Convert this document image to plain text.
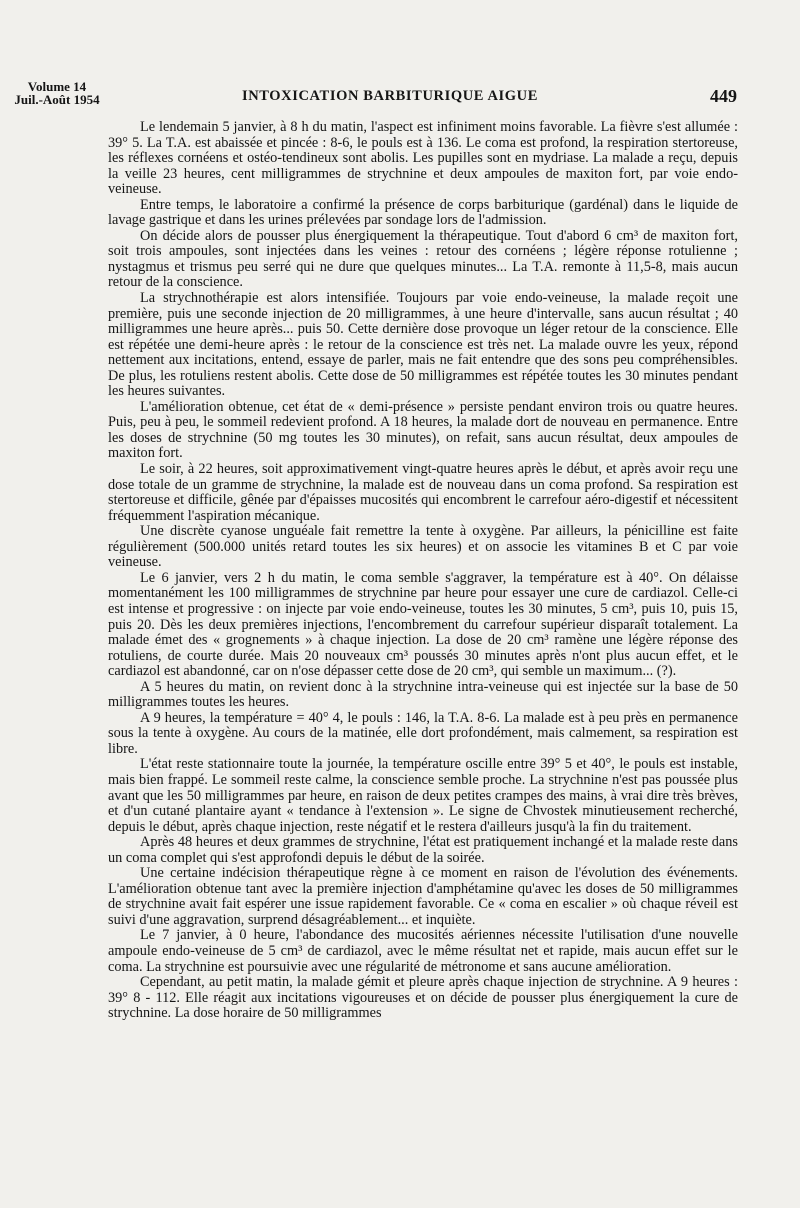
Volume 14
Juil.-Août 1954	INTOXICATION BARBITURIQUE AIGUE	449

Le lendemain 5 janvier, à 8 h du matin, l'aspect est infiniment moins favorable. La fièvre s'est allumée : 39° 5. La T.A. est abaissée et pincée : 8-6, le pouls est à 136. Le coma est profond, la respiration stertoreuse, les réflexes cornéens et ostéo-tendineux sont abolis. Les pupilles sont en mydriase. La malade a reçu, depuis la veille 23 heures, cent milligrammes de strychnine et deux ampoules de maxiton fort, par voie endo-veineuse.

Entre temps, le laboratoire a confirmé la présence de corps barbiturique (gardénal) dans le liquide de lavage gastrique et dans les urines prélevées par sondage lors de l'admission.

On décide alors de pousser plus énergiquement la thérapeutique. Tout d'abord 6 cm³ de maxiton fort, soit trois ampoules, sont injectées dans les veines : retour des cornéens ; légère réponse rotulienne ; nystagmus et trismus peu serré qui ne dure que quelques minutes... La T.A. remonte à 11,5-8, mais aucun retour de la conscience.

La strychnothérapie est alors intensifiée. Toujours par voie endo-veineuse, la malade reçoit une première, puis une seconde injection de 20 milligrammes, à une heure d'intervalle, sans aucun résultat ; 40 milligrammes une heure après... puis 50. Cette dernière dose provoque un léger retour de la conscience. Elle est répétée une demi-heure après : le retour de la conscience est très net. La malade ouvre les yeux, répond nettement aux incitations, entend, essaye de parler, mais ne fait entendre que des sons peu compréhensibles. De plus, les rotuliens restent abolis. Cette dose de 50 milligrammes est répétée toutes les 30 minutes pendant les heures suivantes.

L'amélioration obtenue, cet état de « demi-présence » persiste pendant environ trois ou quatre heures. Puis, peu à peu, le sommeil redevient profond. A 18 heures, la malade dort de nouveau en permanence. Entre les doses de strychnine (50 mg toutes les 30 minutes), on refait, sans aucun résultat, deux ampoules de maxiton fort.

Le soir, à 22 heures, soit approximativement vingt-quatre heures après le début, et après avoir reçu une dose totale de un gramme de strychnine, la malade est de nouveau dans un coma profond. Sa respiration est stertoreuse et difficile, gênée par d'épaisses mucosités qui encombrent le carrefour aéro-digestif et nécessitent fréquemment l'aspiration mécanique.

Une discrète cyanose unguéale fait remettre la tente à oxygène. Par ailleurs, la pénicilline est faite régulièrement (500.000 unités retard toutes les six heures) et on associe les vitamines B et C par voie veineuse.

Le 6 janvier, vers 2 h du matin, le coma semble s'aggraver, la température est à 40°. On délaisse momentanément les 100 milligrammes de strychnine par heure pour essayer une cure de cardiazol. Celle-ci est intense et progressive : on injecte par voie endo-veineuse, toutes les 30 minutes, 5 cm³, puis 10, puis 15, puis 20. Dès les deux premières injections, l'encombrement du carrefour supérieur disparaît totalement. La malade émet des « grognements » à chaque injection. La dose de 20 cm³ ramène une légère réponse des rotuliens, de courte durée. Mais 20 nouveaux cm³ poussés 30 minutes après n'ont plus aucun effet, et le cardiazol est abandonné, car on n'ose dépasser cette dose de 20 cm³, qui semble un maximum... (?).

A 5 heures du matin, on revient donc à la strychnine intra-veineuse qui est injectée sur la base de 50 milligrammes toutes les heures.

A 9 heures, la température = 40° 4, le pouls : 146, la T.A. 8-6. La malade est à peu près en permanence sous la tente à oxygène. Au cours de la matinée, elle dort profondément, mais calmement, sa respiration est libre.

L'état reste stationnaire toute la journée, la température oscille entre 39° 5 et 40°, le pouls est instable, mais bien frappé. Le sommeil reste calme, la conscience semble proche. La strychnine n'est pas poussée plus avant que les 50 milligrammes par heure, en raison de deux petites crampes des mains, à vrai dire très brèves, et d'un cutané plantaire ayant « tendance à l'extension ». Le signe de Chvostek minutieusement recherché, depuis le début, après chaque injection, reste négatif et le restera d'ailleurs jusqu'à la fin du traitement.

Après 48 heures et deux grammes de strychnine, l'état est pratiquement inchangé et la malade reste dans un coma complet qui s'est approfondi depuis le début de la soirée.

Une certaine indécision thérapeutique règne à ce moment en raison de l'évolution des événements. L'amélioration obtenue tant avec la première injection d'amphétamine qu'avec les doses de 50 milligrammes de strychnine avait fait espérer une issue rapidement favorable. Ce « coma en escalier » où chaque réveil est suivi d'une aggravation, surprend désagréablement... et inquiète.

Le 7 janvier, à 0 heure, l'abondance des mucosités aériennes nécessite l'utilisation d'une nouvelle ampoule endo-veineuse de 5 cm³ de cardiazol, avec le même résultat net et rapide, mais aucun effet sur le coma. La strychnine est poursuivie avec une régularité de métronome et sans aucune amélioration.

Cependant, au petit matin, la malade gémit et pleure après chaque injection de strychnine. A 9 heures : 39° 8 - 112. Elle réagit aux incitations vigoureuses et on décide de pousser plus énergiquement la cure de strychnine. La dose horaire de 50 milligrammes
